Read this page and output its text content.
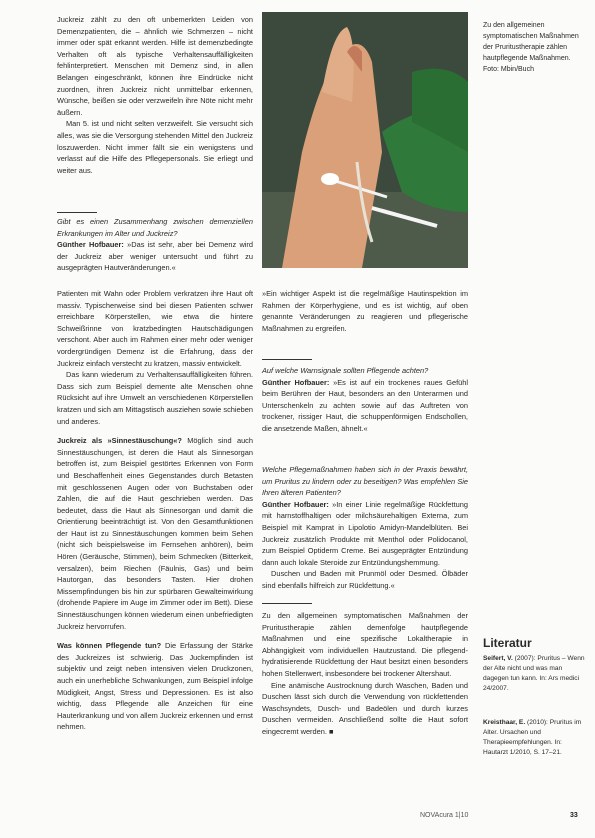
Juckreiz zählt zu den oft unbemerkten Leiden von Demenzpatienten, die – ähnlich wie Schmerzen – nicht immer oder spät erkannt werden. Hilfe ist demenzbedingte Verhalten oft als typische Verhaltensauffälligkeiten fehlinterpretiert. Menschen mit Demenz sind, in allen Belangen eingeschränkt, können ihre Eindrücke nicht zuordnen, ihren Juckreiz nicht unmittelbar erkennen, Wünsche, beißen sie oder verzweifeln ihre Nöte nicht mehr äußern.

Man 5. ist und nicht selten verzweifelt. Sie versucht sich alles, was sie die Versorgung stehenden Mittel den Juckreiz loszuwerden. Nicht immer fällt sie ein wenigstens und verlasst auf die Hilfe des Pflegepersonals. Sie erliegt und weiter aus.

Zu den allgemeinen symptomatischen Maßnahmen der Pruritustherapie zählen hautpflegende Maßnahmen.
Foto: Mbin/Buch

Gibt es einen Zusammenhang zwischen demenziellen Erkrankungen im Alter und Juckreiz?

Günther Hofbauer: »Das ist sehr, aber bei Demenz wird der Juckreiz aber weniger untersucht und führt zu ausgeprägten Hautveränderungen.«

Patienten mit Wahn oder Problem verkratzen ihre Haut oft massiv. Typischerweise sind bei diesen Patienten schwer erreichbare Körperstellen, wie etwa die hintere Schweißrinne von kratzbedingten Hautschädigungen verschont. Aber auch im Rahmen einer mehr oder weniger vordergründigen Demenz ist die Erfahrung, dass der Juckreiz einfach verstecht zu kratzen, massiv entwickelt.

Das kann wiederum zu Verhaltensauffälligkeiten führen. Dass sich zum Beispiel demente alte Menschen ohne Rücksicht auf ihre Umwelt an verschiedenen Körperstellen kratzen und sich am Mittagstisch ausziehen sowie schieben und anderes.

Juckreiz als »Sinnestäuschung«? Möglich sind auch Sinnestäuschungen, ist deren die Haut als Sinnesorgan betroffen ist, zum Beispiel gestörtes Erkennen von Form und Beschaffenheit eines Gegenstandes durch Betasten mit geschlossenen Augen oder von Buchstaben oder Zahlen, die auf die Haut geschrieben werden. Das bedeutet, dass die Haut als Sinnesorgan und damit die Orientierung beeinträchtigt ist. Von den Gesamtfunktionen der Haut ist zu Sinnestäuschungen kommen beim Sehen (nicht sich beispielsweise im Fernsehen anhören), beim Hören (Geräusche, Stimmen), beim Schmecken (Bitterkeit, versalzen), beim Riechen (Fäulnis, Gas) und beim Hautorgan, das besonders Tasten. Hier drohen Missempfindungen bis hin zur spürbaren Gewalteinwirkung (drohende Papiere im Auge im Zimmer oder im Bett). Diese Sinnestäuschungen können wiederum einen unbefriedigten Juckreiz hervorrufen.

Was können Pflegende tun? Die Erfassung der Stärke des Juckreizes ist schwierig. Das Juckempfinden ist subjektiv und zeigt neben intensiven vielen Druckzonen, auch ein unerhebliche Schwankungen, zum Beispiel infolge Müdigkeit, Angst, Stress und Depressionen. Es ist also wichtig, dass Pflegende alle Anzeichen für eine Hauterkrankung und von allem Juckreiz erkennen und ernst nehmen.

»Ein wichtiger Aspekt ist die regelmäßige Hautinspektion im Rahmen der Körperhygiene, und es ist wichtig, auf oben genannte Veränderungen zu reagieren und pflegerische Maßnahmen zu ergreifen.

Auf welche Warnsignale sollten Pflegende achten?

Günther Hofbauer: »Es ist auf ein trockenes raues Gefühl beim Berühren der Haut, besonders an den Unterarmen und Unterschenkeln zu achten sowie auf das Auftreten von trockener, rissiger Haut, die schuppenförmigen Endschollen, die ansetzende Maßen, ähnelt.«

Welche Pflegemaßnahmen haben sich in der Praxis bewährt, um Pruritus zu lindern oder zu beseitigen? Was empfehlen Sie Ihren älteren Patienten?

Günther Hofbauer: »In einer Linie regelmäßige Rückfettung mit harnstoffhaltigen oder milchsäurehaltigen Externa, zum Beispiel mit Kamprat in Lipolotio Amidyn-Mandelblüten. Bei Juckreiz zusätzlich Produkte mit Menthol oder Polidocanol, zum Beispiel Optiderm Creme. Bei ausgeprägter Entzündung dann auch lokale Steroide zur Entzündungshemmung.

Duschen und Baden mit Prunmöl oder Desmed. Ölbäder sind ebenfalls hilfreich zur Rückfettung.«

Zu den allgemeinen symptomatischen Maßnahmen der Pruritustherapie zählen demenfolge hautpflegende Maßnahmen und eine spezifische Lokaltherapie in Abhängigkeit vom individuellen Hautzustand. Die pflegend-hydratisierende Rückfettung der Haut besitzt einen besonders hohen Stellenwert, insbesondere bei trockener Altershaut.

Eine anämische Austrocknung durch Waschen, Baden und Duschen lässt sich durch die Verwendung von rückfettenden Waschsyndets, Dusch- und Badeölen und durch kurzes Duschen vermeiden. Anschließend sollte die Haut sofort eingecremt werden. ■

Literatur
Seifert, V. (2007): Pruritus – Wenn der Alte nicht und was man dagegen tun kann. In: Ars medici 24/2007.
Kreisthaar, E. (2010): Pruritus im Alter. Ursachen und Therapieempfehlungen. In: Hautarzt 1/2010, S. 17–21.
NOVAcura 1|10	33
